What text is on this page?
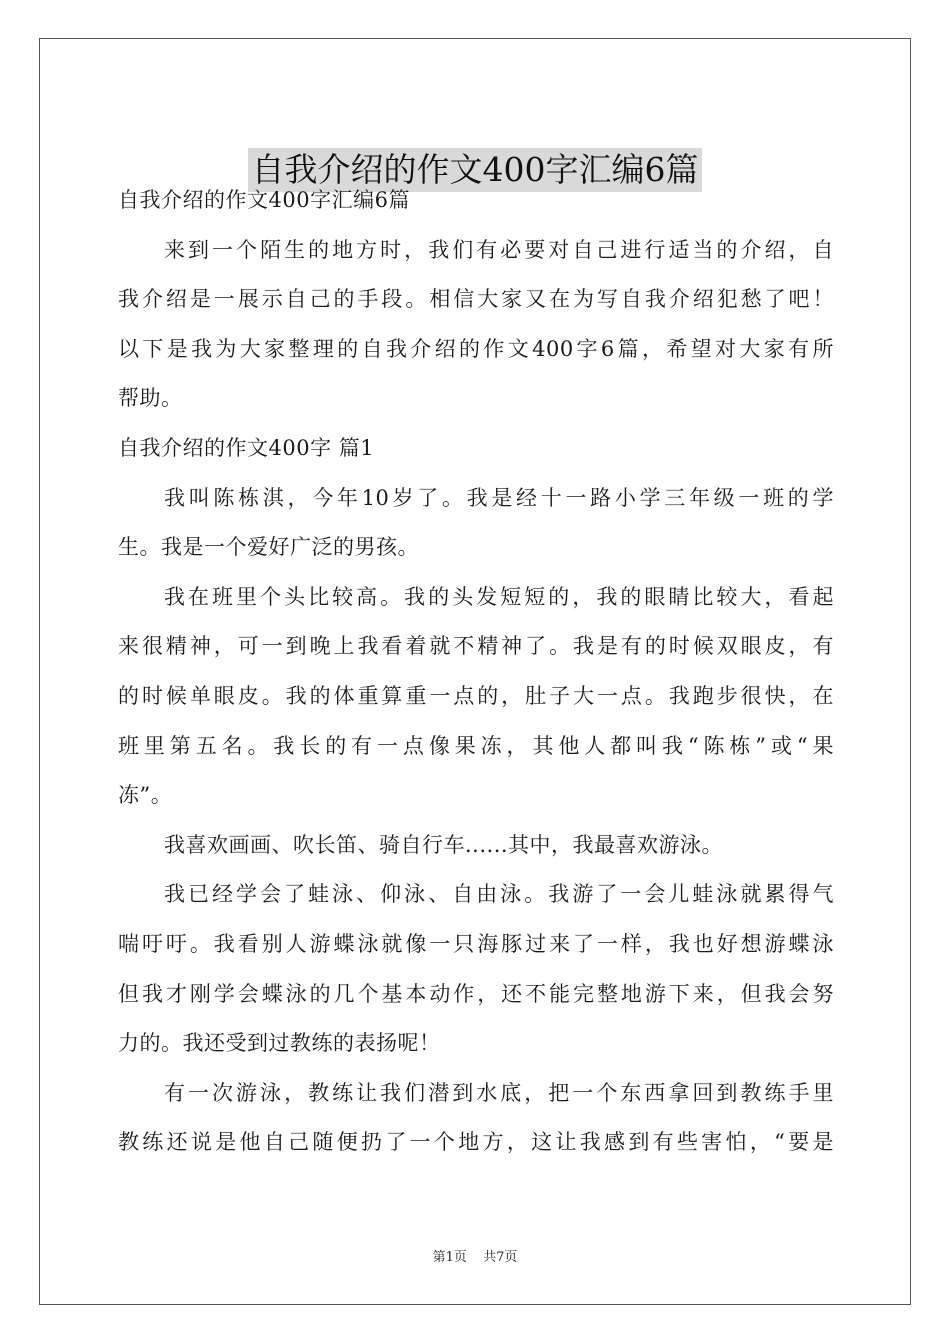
自我介绍的作文400字汇编6篇
自我介绍的作文400字汇编6篇
来到一个陌生的地方时，我们有必要对自己进行适当的介绍，自
我介绍是一展示自己的手段。相信大家又在为写自我介绍犯愁了吧！
以下是我为大家整理的自我介绍的作文400字6篇，希望对大家有所
帮助。
自我介绍的作文400字 篇1
我叫陈栋淇，今年10岁了。我是经十一路小学三年级一班的学
生。我是一个爱好广泛的男孩。
我在班里个头比较高。我的头发短短的，我的眼睛比较大，看起
来很精神，可一到晚上我看着就不精神了。我是有的时候双眼皮，有
的时候单眼皮。我的体重算重一点的，肚子大一点。我跑步很快，在
班里第五名。我长的有一点像果冻，其他人都叫我“陈栋”或“果
冻”。
我喜欢画画、吹长笛、骑自行车......其中，我最喜欢游泳。
我已经学会了蛙泳、仰泳、自由泳。我游了一会儿蛙泳就累得气
喘吁吁。我看别人游蝶泳就像一只海豚过来了一样，我也好想游蝶泳
但我才刚学会蝶泳的几个基本动作，还不能完整地游下来，但我会努
力的。我还受到过教练的表扬呢！
有一次游泳，教练让我们潜到水底，把一个东西拿回到教练手里
教练还说是他自己随便扔了一个地方，这让我感到有些害怕，“要是
第1页 共7页
